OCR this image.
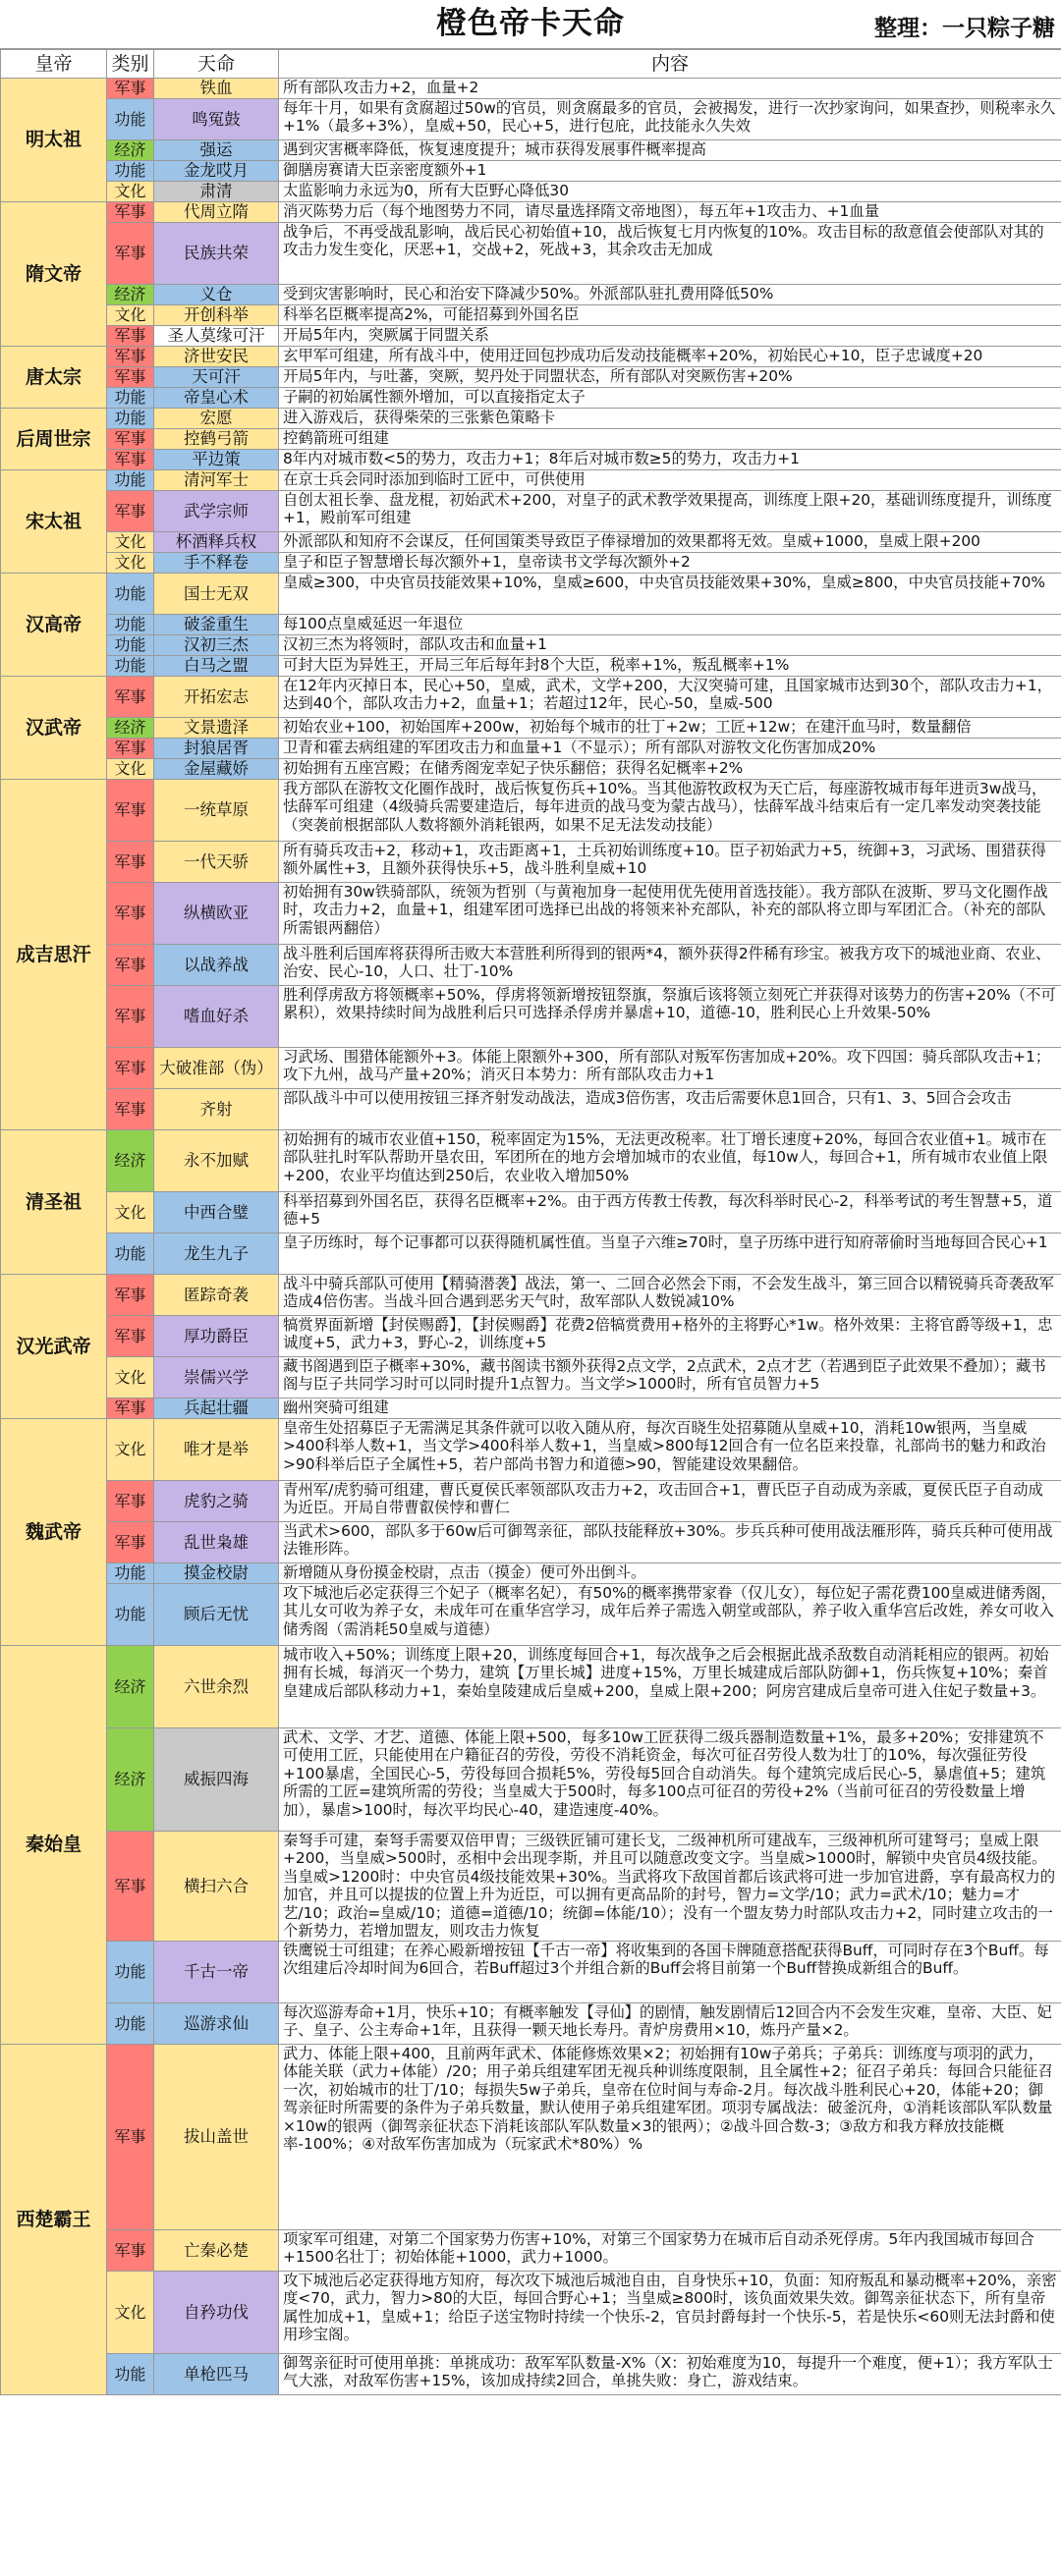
橙色帝卡天命	整理：一只粽子糖
皇帝	类别	天命	内容
明太祖	军事	铁血	所有部队攻击力+2，血量+2
	功能	鸣冤鼓	每年十月，如果有贪腐超过50w的官员，则贪腐最多的官员，会被揭发，进行一次抄家询问，如果查抄，则税率永久+1%（最多+3%），皇威+50，民心+5，进行包庇，此技能永久失效
	经济	强运	遇到灾害概率降低，恢复速度提升；城市获得发展事件概率提高
	功能	金龙哎月	御膳房赛请大臣亲密度额外+1
	文化	肃清	太监影响力永远为0，所有大臣野心降低30
隋文帝	军事	代周立隋	消灭陈势力后（每个地图势力不同，请尽量选择隋文帝地图），每五年+1攻击力、+1血量
	军事	民族共荣	战争后，不再受战乱影响，战后民心初始值+10，战后恢复七月内恢复的10%。攻击目标的敌意值会使部队对其的攻击力发生变化，厌恶+1，交战+2，死战+3，其余攻击无加成
	经济	义仓	受到灾害影响时，民心和治安下降减少50%。外派部队驻扎费用降低50%
	文化	开创科举	科举名臣概率提高2%，可能招募到外国名臣
	军事	圣人莫缘可汗	开局5年内，突厥属于同盟关系
唐太宗	军事	济世安民	玄甲军可组建，所有战斗中，使用迂回包抄成功后发动技能概率+20%，初始民心+10，臣子忠诚度+20
	军事	天可汗	开局5年内，与吐蕃，突厥，契丹处于同盟状态，所有部队对突厥伤害+20%
	功能	帝皇心术	子嗣的初始属性额外增加，可以直接指定太子
后周世宗	功能	宏愿	进入游戏后，获得柴荣的三张紫色策略卡
	军事	控鹤弓箭	控鹤箭班可组建
	军事	平边策	8年内对城市数<5的势力，攻击力+1；8年后对城市数≥5的势力，攻击力+1
宋太祖	功能	清河军士	在京士兵会同时添加到临时工匠中，可供使用
	军事	武学宗师	自创太祖长拳、盘龙棍，初始武术+200，对皇子的武术教学效果提高，训练度上限+20，基础训练度提升，训练度+1，殿前军可组建
	文化	杯酒释兵权	外派部队和知府不会谋反，任何国策类导致臣子俸禄增加的效果都将无效。皇威+1000，皇威上限+200
	文化	手不释卷	皇子和臣子智慧增长每次额外+1，皇帝读书文学每次额外+2
汉高帝	功能	国士无双	皇威≥300，中央官员技能效果+10%，皇威≥600，中央官员技能效果+30%，皇威≥800，中央官员技能+70%
	功能	破釜重生	每100点皇威延迟一年退位
	功能	汉初三杰	汉初三杰为将领时，部队攻击和血量+1
	功能	白马之盟	可封大臣为异姓王，开局三年后每年封8个大臣，税率+1%，叛乱概率+1%
汉武帝	军事	开拓宏志	在12年内灭掉日本，民心+50，皇威，武术，文学+200，大汉突骑可建，且国家城市达到30个，部队攻击力+1，达到40个，部队攻击力+2，血量+1；若超过12年，民心-50，皇威-500
	经济	文景遗泽	初始农业+100，初始国库+200w，初始每个城市的壮丁+2w；工匠+12w；在建汗血马时，数量翻倍
	军事	封狼居胥	卫青和霍去病组建的军团攻击力和血量+1（不显示）；所有部队对游牧文化伤害加成20%
	文化	金屋藏娇	初始拥有五座宫殿；在储秀阁宠幸妃子快乐翻倍；获得名妃概率+2%
成吉思汗	军事	一统草原	我方部队在游牧文化圈作战时，战后恢复伤兵+10%。当其他游牧政权为天亡后，每座游牧城市每年进贡3w战马，怯薛军可组建（4级骑兵需要建造后，每年进贡的战马变为蒙古战马），怯薛军战斗结束后有一定几率发动突袭技能（突袭前根据部队人数将额外消耗银两，如果不足无法发动技能）
	军事	一代天骄	所有骑兵攻击+2，移动+1，攻击距离+1，土兵初始训练度+10。臣子初始武力+5，统御+3，习武场、围猎获得额外属性+3，且额外获得快乐+5，战斗胜利皇威+10
	军事	纵横欧亚	初始拥有30w铁骑部队，统领为哲别（与黄袍加身一起使用优先使用首选技能）。我方部队在波斯、罗马文化圈作战时，攻击力+2，血量+1，组建军团可选择已出战的将领来补充部队，补充的部队将立即与军团汇合。（补充的部队所需银两翻倍）
	军事	以战养战	战斗胜利后国库将获得所击败大本营胜利所得到的银两*4，额外获得2件稀有珍宝。被我方攻下的城池业商、农业、治安、民心-10，人口、壮丁-10%
	军事	嗜血好杀	胜利俘虏敌方将领概率+50%，俘虏将领新增按钮祭旗，祭旗后该将领立刻死亡并获得对该势力的伤害+20%（不可累积），效果持续时间为战胜利后只可选择杀俘虏并暴虐+10，道德-10，胜利民心上升效果-50%
	军事	大破准部（伪）	习武场、围猎体能额外+3。体能上限额外+300，所有部队对叛军伤害加成+20%。攻下四国：骑兵部队攻击+1；攻下九州，战马产量+20%；消灭日本势力：所有部队攻击力+1
	军事	齐射	部队战斗中可以使用按钮三择齐射发动战法，造成3倍伤害，攻击后需要休息1回合，只有1、3、5回合会攻击
清圣祖	经济	永不加赋	初始拥有的城市农业值+150，税率固定为15%，无法更改税率。壮丁增长速度+20%，每回合农业值+1。城市在部队驻扎时军队帮助开垦农田，军团所在的地方会增加城市的农业值，每10w人，每回合+1，所有城市农业值上限+200，农业平均值达到250后，农业收入增加50%
	文化	中西合璧	科举招募到外国名臣，获得名臣概率+2%。由于西方传教士传教，每次科举时民心-2，科举考试的考生智慧+5，道德+5
	功能	龙生九子	皇子历练时，每个记事都可以获得随机属性值。当皇子六维≥70时，皇子历练中进行知府蒂偷时当地每回合民心+1
汉光武帝	军事	匿踪奇袭	战斗中骑兵部队可使用【精骑潜袭】战法，第一、二回合必然会下雨，不会发生战斗，第三回合以精锐骑兵奇袭敌军造成4倍伤害。当战斗回合遇到恶劣天气时，敌军部队人数锐减10%
	军事	厚功爵臣	犒赏界面新增【封侯赐爵】，【封侯赐爵】花费2倍犒赏费用+格外的主将野心*1w。格外效果：主将官爵等级+1，忠诚度+5，武力+3，野心-2，训练度+5
	文化	崇儒兴学	藏书阁遇到臣子概率+30%，藏书阁读书额外获得2点文学，2点武术，2点才艺（若遇到臣子此效果不叠加）；藏书阁与臣子共同学习时可以同时提升1点智力。当文学>1000时，所有官员智力+5
	军事	兵起壮疆	幽州突骑可组建
魏武帝	文化	唯才是举	皇帝生处招募臣子无需满足其条件就可以收入随从府，每次百晓生处招募随从皇威+10，消耗10w银两，当皇威>400科举人数+1，当文学>400科举人数+1，当皇威>800每12回合有一位名臣来投靠，礼部尚书的魅力和政治>90科举后臣子全属性+5，若户部尚书智力和道德>90，智能建设效果翻倍。
	军事	虎豹之骑	青州军/虎豹骑可组建，曹氏夏侯氏率领部队攻击力+2，攻击回合+1，曹氏臣子自动成为亲戚，夏侯氏臣子自动成为近臣。开局自带曹叡侯悖和曹仁
	军事	乱世枭雄	当武术>600，部队多于60w后可御驾亲征，部队技能释放+30%。步兵兵种可使用战法雁形阵，骑兵兵种可使用战法锥形阵。
	功能	摸金校尉	新增随从身份摸金校尉，点击（摸金）便可外出倒斗。
	功能	顾后无忧	攻下城池后必定获得三个妃子（概率名妃），有50%的概率携带家眷（仅儿女），每位妃子需花费100皇威进储秀阁，其儿女可收为养子女，未成年可在重华宫学习，成年后养子需选入朝堂或部队，养子收入重华宫后改姓，养女可收入储秀阁（需消耗50皇威与道德）
秦始皇	经济	六世余烈	城市收入+50%；训练度上限+20，训练度每回合+1，每次战争之后会根据此战杀敌数自动消耗相应的银两。初始拥有长城，每消灭一个势力，建筑【万里长城】进度+15%，万里长城建成后部队防御+1，伤兵恢复+10%；秦首皇建成后部队移动力+1，秦始皇陵建成后皇威+200，皇威上限+200；阿房宫建成后皇帝可进入住妃子数量+3。
	经济	威振四海	武术、文学、才艺、道德、体能上限+500，每多10w工匠获得二级兵器制造数量+1%，最多+20%；安排建筑不可使用工匠，只能使用在户籍征召的劳役，劳役不消耗资金，每次可征召劳役人数为壮丁的10%，每次强征劳役+100暴虐，全国民心-5，劳役每回合损耗5%，劳役每5回合自动消失。每个建筑完成后民心-5，暴虐值+5；建筑所需的工匠=建筑所需的劳役；当皇威大于500时，每多100点可征召的劳役+2%（当前可征召的劳役数量上增加），暴虐>100时，每次平均民心-40，建造速度-40%。
	军事	横扫六合	秦弩手可建，秦弩手需要双倍甲胄；三级铁匠铺可建长戈，二级神机所可建战车，三级神机所可建弩弓；皇威上限+200，当皇威>500时，丞相中会出现李斯，并且可以随意改变文字。当皇威>1000时，解锁中央官员4级技能。当皇威>1200时：中央官员4级技能效果+30%。当武将攻下敌国首都后该武将可进一步加官进爵，享有最高权力的加官，并且可以提拔的位置上升为近臣，可以拥有更高品阶的封号，智力=文学/10；武力=武术/10；魅力=才艺/10；政治=皇威/10；道德=道德/10；统御=体能/10）；没有一个盟友势力时部队攻击力+2，同时建立攻击的一个新势力，若增加盟友，则攻击力恢复
	功能	千古一帝	铁鹰锐士可组建；在养心殿新增按钮【千古一帝】将收集到的各国卡牌随意搭配获得Buff，可同时存在3个Buff。每次组建后冷却时间为6回合，若Buff超过3个并组合新的Buff会将目前第一个Buff替换成新组合的Buff。
	功能	巡游求仙	每次巡游寿命+1月，快乐+10；有概率触发【寻仙】的剧情，触发剧情后12回合内不会发生灾难，皇帝、大臣、妃子、皇子、公主寿命+1年，且获得一颗天地长寿丹。青炉房费用×10，炼丹产量×2。
西楚霸王	军事	拔山盖世	武力、体能上限+400，且前两年武术、体能修炼效果×2；初始拥有10w子弟兵；子弟兵：训练度与项羽的武力，体能关联（武力+体能）/20；用子弟兵组建军团无视兵种训练度限制，且全属性+2；征召子弟兵：每回合只能征召一次，初始城市的壮丁/10；每损失5w子弟兵，皇帝在位时间与寿命-2月。每次战斗胜利民心+20，体能+20；御驾亲征时所需要的条件为子弟兵数量，默认使用子弟兵组建军团。项羽专属战法：破釜沉舟，①消耗该部队军队数量×10w的银两（御驾亲征状态下消耗该部队军队数量×3的银两）；②战斗回合数-3；③敌方和我方释放技能概率-100%；④对敌军伤害加成为（玩家武术*80%）%
	军事	亡秦必楚	项家军可组建，对第二个国家势力伤害+10%，对第三个国家势力在城市后自动杀死俘虏。5年内我国城市每回合+1500名壮丁；初始体能+1000，武力+1000。
	文化	自矜功伐	攻下城池后必定获得地方知府，每次攻下城池后城池自由，自身快乐+10，负面：知府叛乱和暴动概率+20%，亲密度<70，武力，智力>80的大臣，每回合野心+1；当皇威≥800时，该负面效果失效。御驾亲征状态下，所有皇帝属性加成+1，皇威+1；给臣子送宝物时持续一个快乐-2，官员封爵每封一个快乐-5，若是快乐<60则无法封爵和使用珍宝阁。
	功能	单枪匹马	御驾亲征时可使用单挑：单挑成功：敌军军队数量-X%（X：初始难度为10，每提升一个难度，便+1）；我方军队士气大涨，对敌军伤害+15%，该加成持续2回合，单挑失败：身亡，游戏结束。
